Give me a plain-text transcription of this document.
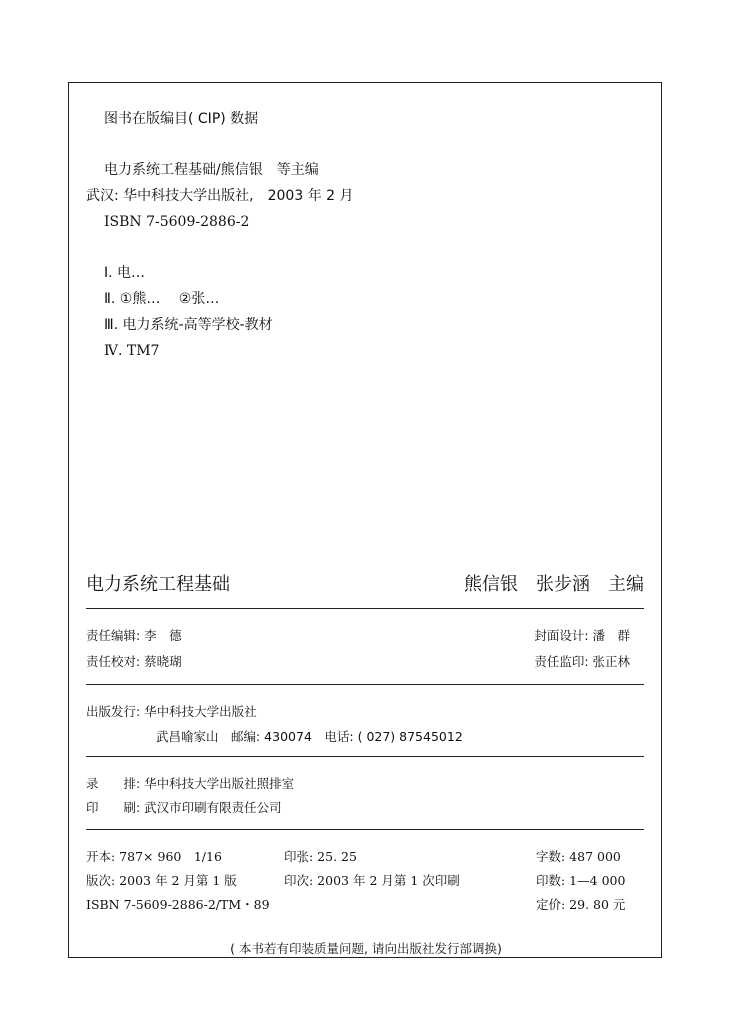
图书在版编目( CIP) 数据
电力系统工程基础/熊信银　等主编
武汉: 华中科技大学出版社,　2003 年 2 月
ISBN 7-5609-2886-2
Ⅰ. 电…
Ⅱ. ①熊…　 ②张…
Ⅲ. 电力系统-高等学校-教材
Ⅳ. TM7
电力系统工程基础	熊信银　张步涵　主编
责任编辑: 李　德	封面设计: 潘　群
责任校对: 蔡晓瑚	责任监印: 张正林
出版发行: 华中科技大学出版社
武昌喻家山　邮编: 430074　电话: ( 027) 87545012
录　　排: 华中科技大学出版社照排室
印　　刷: 武汉市印刷有限责任公司
开本: 787× 960　1/16	印张: 25. 25	字数: 487 000
版次: 2003 年 2 月第 1 版	印次: 2003 年 2 月第 1 次印刷	印数: 1—4 000
ISBN 7-5609-2886-2/TM・89	定价: 29. 80 元
( 本书若有印装质量问题, 请向出版社发行部调换)
